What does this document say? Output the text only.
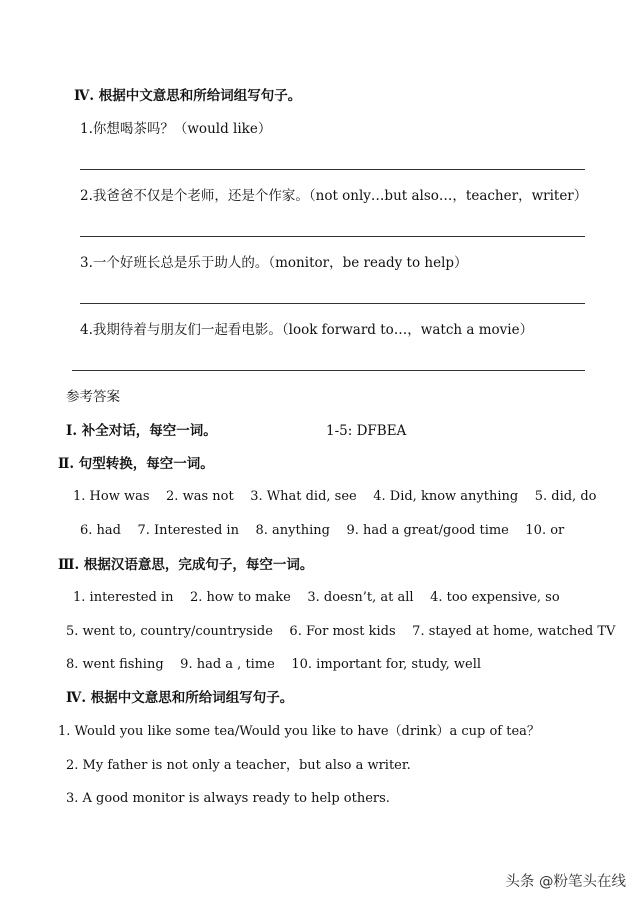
Ⅳ. 根据中文意思和所给词组写句子。
1.你想喝茶吗？（would like）
2.我爸爸不仅是个老师，还是个作家。（not only…but also…，teacher，writer）
3.一个好班长总是乐于助人的。（monitor，be ready to help）
4.我期待着与朋友们一起看电影。（look forward to…，watch a movie）
参考答案
Ⅰ. 补全对话，每空一词。	1-5: DFBEA
Ⅱ. 句型转换，每空一词。
1. How was    2. was not    3. What did, see    4. Did, know anything    5. did, do
6. had    7. Interested in    8. anything    9. had a great/good time    10. or
Ⅲ. 根据汉语意思，完成句子，每空一词。
1. interested in    2. how to make    3. doesn’t, at all    4. too expensive, so
5. went to, country/countryside    6. For most kids    7. stayed at home, watched TV
8. went fishing    9. had a , time    10. important for, study, well
Ⅳ. 根据中文意思和所给词组写句子。
1. Would you like some tea/Would you like to have（drink）a cup of tea？
2. My father is not only a teacher，but also a writer.
3. A good monitor is always ready to help others.
头条 @粉笔头在线
